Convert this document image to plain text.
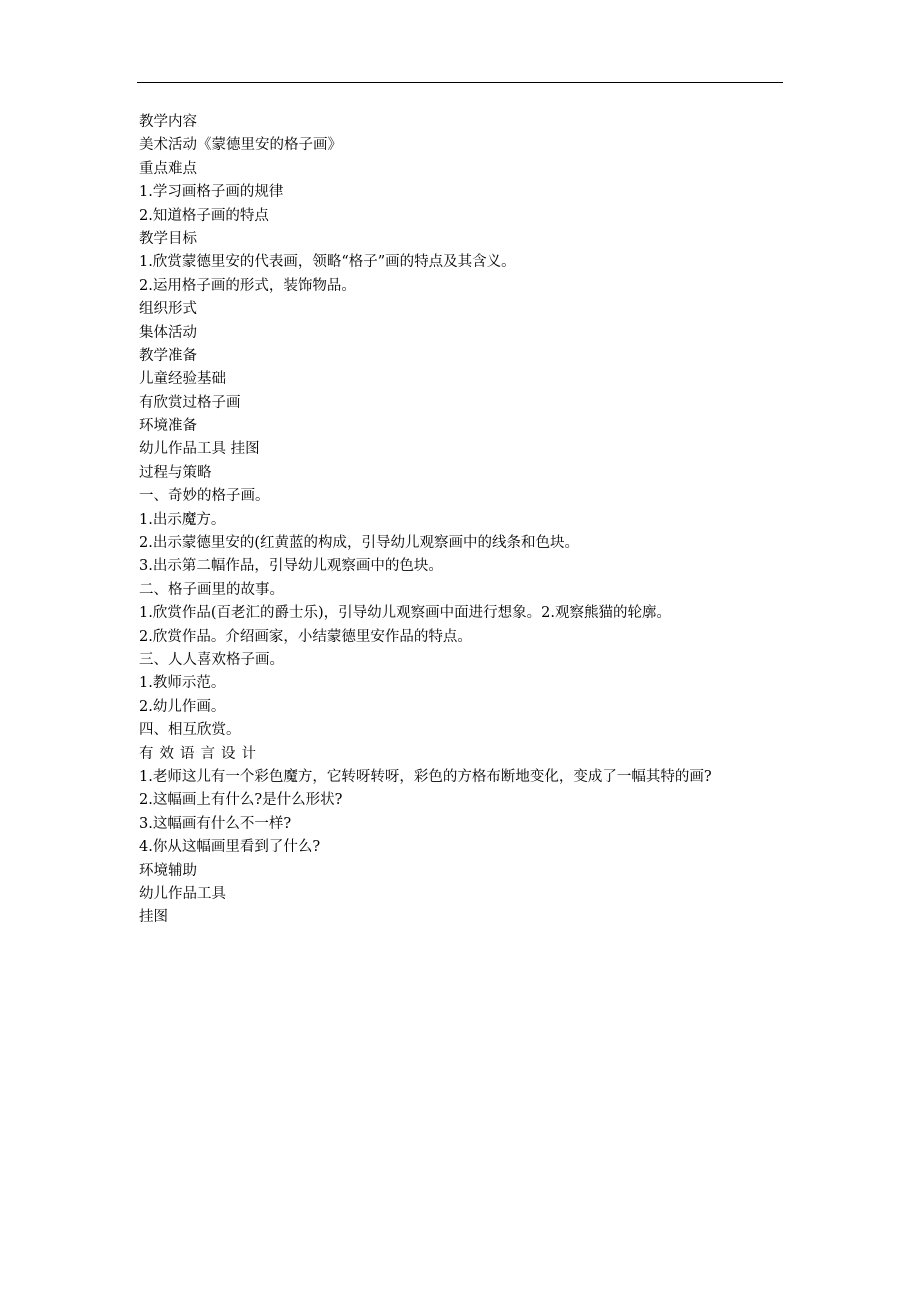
教学内容
美术活动《蒙德里安的格子画》
重点难点
1.学习画格子画的规律
2.知道格子画的特点
教学目标
1.欣赏蒙德里安的代表画，领略“格子”画的特点及其含义。
2.运用格子画的形式，装饰物品。
组织形式
集体活动
教学准备
儿童经验基础
有欣赏过格子画
环境准备
幼儿作品工具 挂图
过程与策略
一、奇妙的格子画。
1.出示魔方。
2.出示蒙德里安的(红黄蓝的构成，引导幼儿观察画中的线条和色块。
3.出示第二幅作品，引导幼儿观察画中的色块。
二、格子画里的故事。
1.欣赏作品(百老汇的爵士乐)，引导幼儿观察画中面进行想象。2.观察熊猫的轮廓。
2.欣赏作品。介绍画家，小结蒙德里安作品的特点。
三、人人喜欢格子画。
1.教师示范。
2.幼儿作画。
四、相互欣赏。
有效语言设计
1.老师这儿有一个彩色魔方，它转呀转呀，彩色的方格布断地变化，变成了一幅其特的画?
2.这幅画上有什么?是什么形状?
3.这幅画有什么不一样?
4.你从这幅画里看到了什么?
环境辅助
幼儿作品工具
挂图
